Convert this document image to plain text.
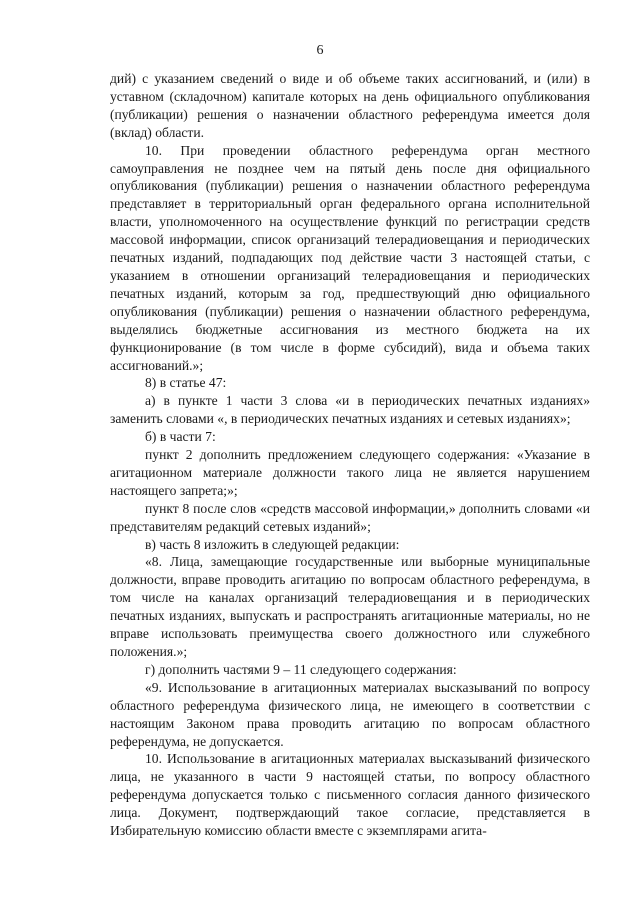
6

дий) с указанием сведений о виде и об объеме таких ассигнований, и (или) в уставном (складочном) капитале которых на день официального опубликования (публикации) решения о назначении областного референдума имеется доля (вклад) области.

10. При проведении областного референдума орган местного самоуправления не позднее чем на пятый день после дня официального опубликования (публикации) решения о назначении областного референдума представляет в территориальный орган федерального органа исполнительной власти, уполномоченного на осуществление функций по регистрации средств массовой информации, список организаций телерадиовещания и периодических печатных изданий, подпадающих под действие части 3 настоящей статьи, с указанием в отношении организаций телерадиовещания и периодических печатных изданий, которым за год, предшествующий дню официального опубликования (публикации) решения о назначении областного референдума, выделялись бюджетные ассигнования из местного бюджета на их функционирование (в том числе в форме субсидий), вида и объема таких ассигнований.»;

8) в статье 47:

а) в пункте 1 части 3 слова «и в периодических печатных изданиях» заменить словами «, в периодических печатных изданиях и сетевых изданиях»;

б) в части 7:

пункт 2 дополнить предложением следующего содержания: «Указание в агитационном материале должности такого лица не является нарушением настоящего запрета;»;

пункт 8 после слов «средств массовой информации,» дополнить словами «и представителям редакций сетевых изданий»;

в) часть 8 изложить в следующей редакции:

«8. Лица, замещающие государственные или выборные муниципальные должности, вправе проводить агитацию по вопросам областного референдума, в том числе на каналах организаций телерадиовещания и в периодических печатных изданиях, выпускать и распространять агитационные материалы, но не вправе использовать преимущества своего должностного или служебного положения.»;

г) дополнить частями 9 – 11 следующего содержания:

«9. Использование в агитационных материалах высказываний по вопросу областного референдума физического лица, не имеющего в соответствии с настоящим Законом права проводить агитацию по вопросам областного референдума, не допускается.

10. Использование в агитационных материалах высказываний физического лица, не указанного в части 9 настоящей статьи, по вопросу областного референдума допускается только с письменного согласия данного физического лица. Документ, подтверждающий такое согласие, представляется в Избирательную комиссию области вместе с экземплярами агита-
